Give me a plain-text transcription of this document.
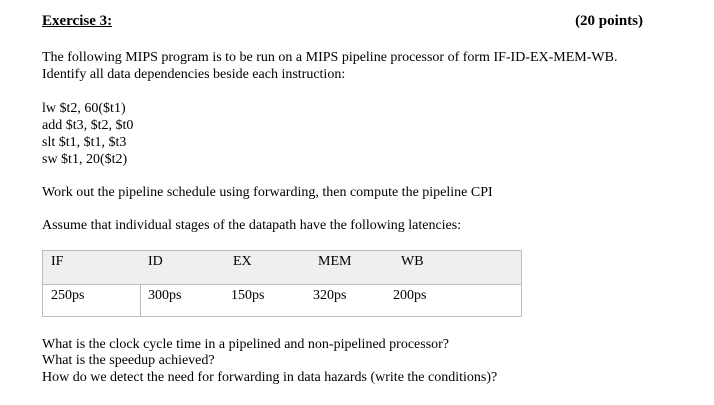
Exercise 3:	(20 points)
The following MIPS program is to be run on a MIPS pipeline processor of form IF-ID-EX-MEM-WB.
Identify all data dependencies beside each instruction:
lw $t2, 60($t1)
add $t3, $t2, $t0
slt $t1, $t1, $t3
sw $t1, 20($t2)
Work out the pipeline schedule using forwarding, then compute the pipeline CPI
Assume that individual stages of the datapath have the following latencies:
IF	ID	EX	MEM	WB
250ps	300ps	150ps	320ps	200ps
What is the clock cycle time in a pipelined and non-pipelined processor?
What is the speedup achieved?
How do we detect the need for forwarding in data hazards (write the conditions)?
